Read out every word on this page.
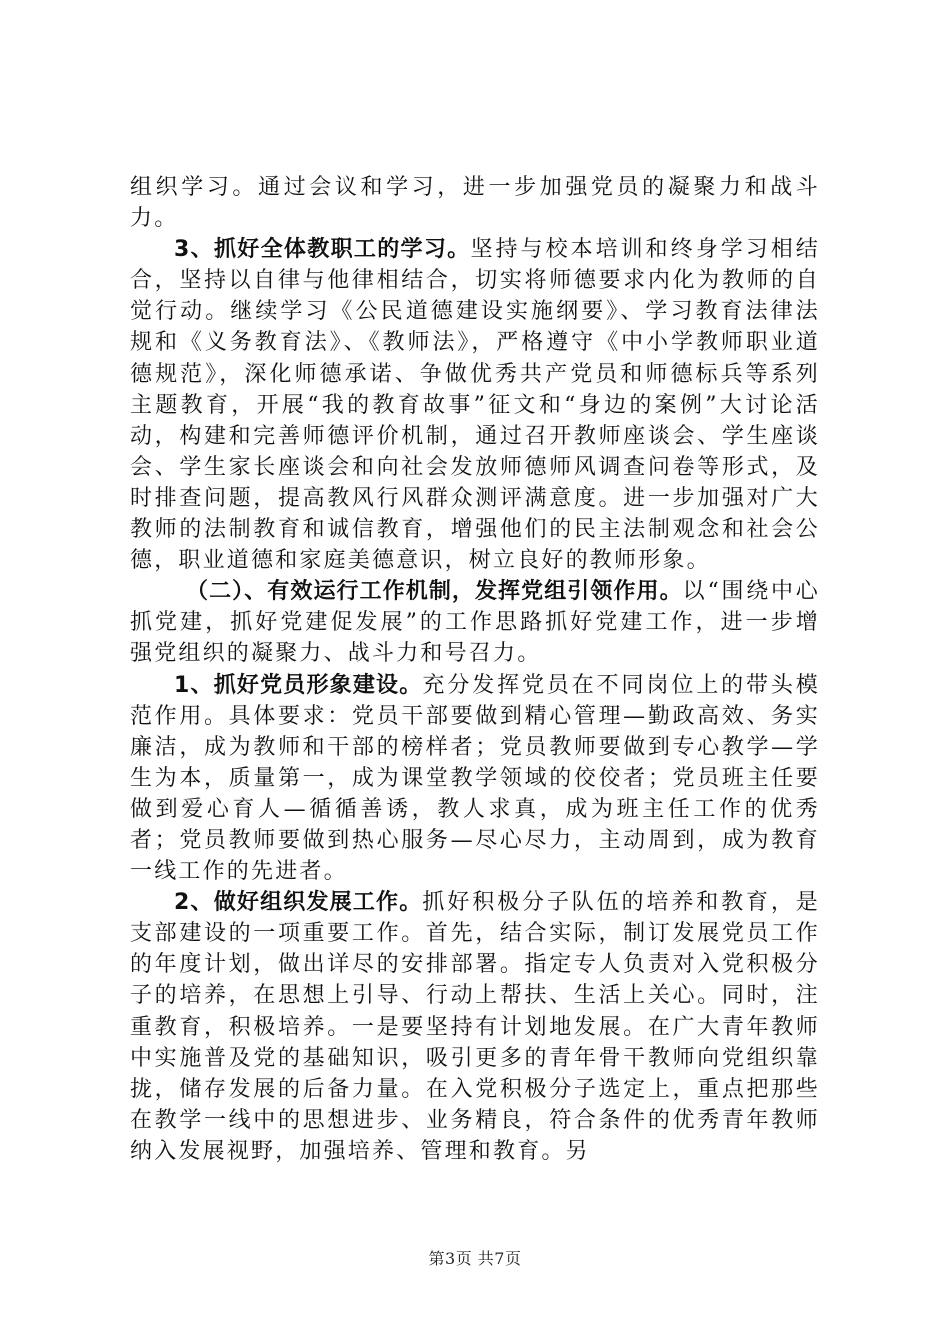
组织学习。通过会议和学习，进一步加强党员的凝聚力和战斗力。

3、抓好全体教职工的学习。坚持与校本培训和终身学习相结合，坚持以自律与他律相结合，切实将师德要求内化为教师的自觉行动。继续学习《公民道德建设实施纲要》、学习教育法律法规和《义务教育法》、《教师法》，严格遵守《中小学教师职业道德规范》，深化师德承诺、争做优秀共产党员和师德标兵等系列主题教育，开展“我的教育故事”征文和“身边的案例”大讨论活动，构建和完善师德评价机制，通过召开教师座谈会、学生座谈会、学生家长座谈会和向社会发放师德师风调查问卷等形式，及时排查问题，提高教风行风群众测评满意度。进一步加强对广大教师的法制教育和诚信教育，增强他们的民主法制观念和社会公德，职业道德和家庭美德意识，树立良好的教师形象。

（二）、有效运行工作机制，发挥党组引领作用。以“围绕中心抓党建，抓好党建促发展”的工作思路抓好党建工作，进一步增强党组织的凝聚力、战斗力和号召力。

1、抓好党员形象建设。充分发挥党员在不同岗位上的带头模范作用。具体要求：党员干部要做到精心管理—勤政高效、务实廉洁，成为教师和干部的榜样者；党员教师要做到专心教学—学生为本，质量第一，成为课堂教学领域的佼佼者；党员班主任要做到爱心育人—循循善诱，教人求真，成为班主任工作的优秀者；党员教师要做到热心服务—尽心尽力，主动周到，成为教育一线工作的先进者。

2、做好组织发展工作。抓好积极分子队伍的培养和教育，是支部建设的一项重要工作。首先，结合实际，制订发展党员工作的年度计划，做出详尽的安排部署。指定专人负责对入党积极分子的培养，在思想上引导、行动上帮扶、生活上关心。同时，注重教育，积极培养。一是要坚持有计划地发展。在广大青年教师中实施普及党的基础知识，吸引更多的青年骨干教师向党组织靠拢，储存发展的后备力量。在入党积极分子选定上，重点把那些在教学一线中的思想进步、业务精良，符合条件的优秀青年教师纳入发展视野，加强培养、管理和教育。另

第3页 共7页
